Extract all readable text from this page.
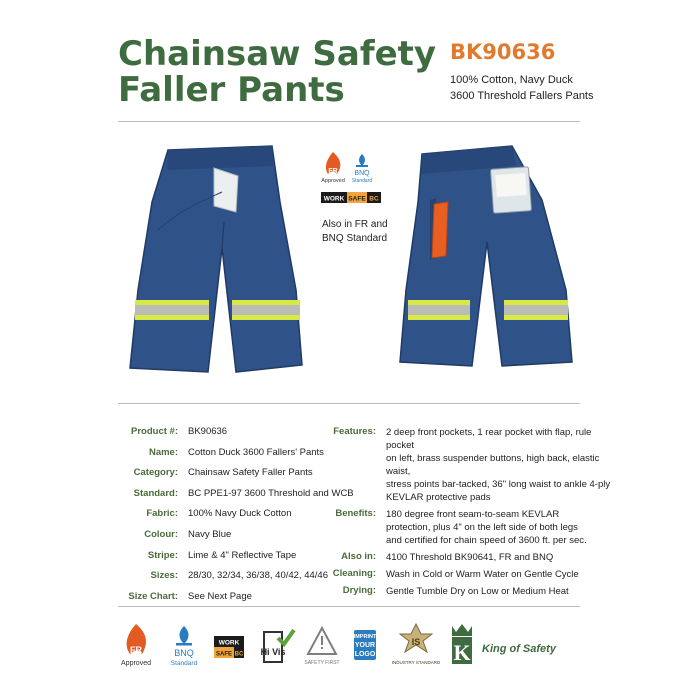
Chainsaw Safety
Faller Pants
BK90636
100% Cotton, Navy Duck
3600 Threshold Fallers Pants
FR
Approved
BNQ
Standard
WORK SAFE BC
Also in FR and
BNQ Standard
Product #:	BK90636
Name:	Cotton Duck 3600 Fallers' Pants
Category:	Chainsaw Safety Faller Pants
Standard:	BC PPE1-97 3600 Threshold and WCB
Fabric:	100% Navy Duck Cotton
Colour:	Navy Blue
Stripe:	Lime & 4" Reflective Tape
Sizes:	28/30, 32/34, 36/38, 40/42, 44/46
Size Chart:	See Next Page
Features:	2 deep front pockets, 1 rear pocket with flap, rule pocket
on left, brass suspender buttons, high back, elastic waist,
stress points bar-tacked, 36" long waist to ankle 4-ply
KEVLAR protective pads
Benefits:	180 degree front seam-to-seam KEVLAR
protection, plus 4" on the left side of both legs
and certified for chain speed of 3600 ft. per sec.
Also in:	4100 Threshold BK90641, FR and BNQ
Cleaning:	Wash in Cold or Warm Water on Gentle Cycle
Drying:	Gentle Tumble Dry on Low or Medium Heat
FR
Approved
BNQ
Standard
WORK
SAFE BC Hi Vis
SAFETY FIRST
IMPRINT
YOUR
LOGO
IS
INDUSTRY STANDARD K King of Safety
